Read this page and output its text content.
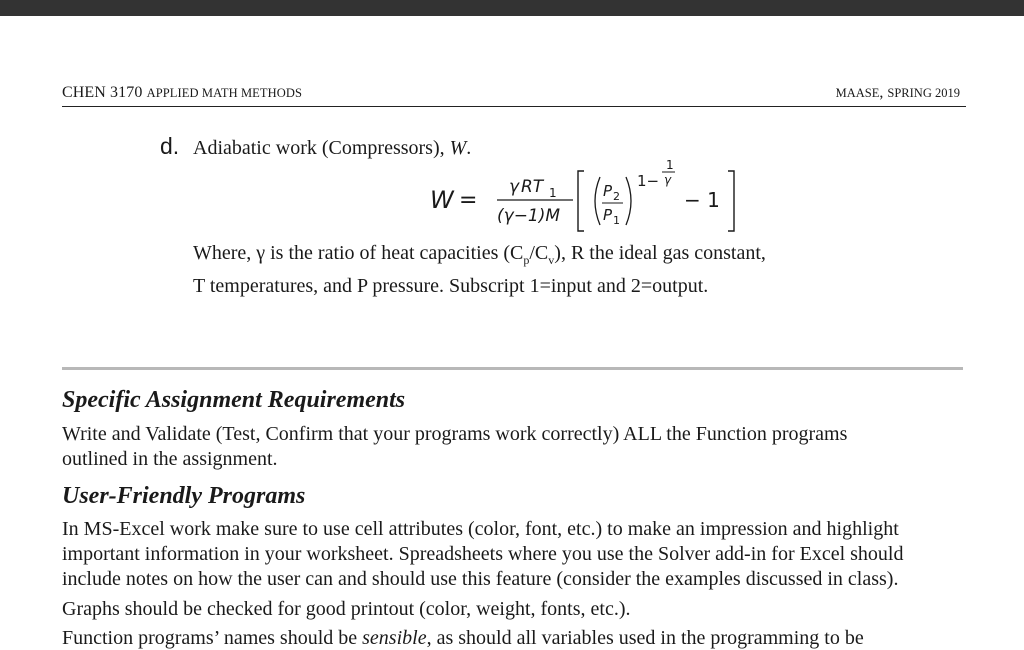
CHEN 3170 APPLIED MATH METHODS	MAASE, SPRING 2019
d. Adiabatic work (Compressors), W.
W =
γ RT 1
(γ−1)M
P 2
P 1
1−
1
γ
− 1
Where, γ is the ratio of heat capacities $(C_p/C_v)$, R the ideal gas constant,
T temperatures, and P pressure. Subscript 1=input and 2=output.
Specific Assignment Requirements
Write and Validate (Test, Confirm that your programs work correctly) ALL the Function programs
outlined in the assignment.
User-Friendly Programs
In MS-Excel work make sure to use cell attributes (color, font, etc.) to make an impression and highlight
important information in your worksheet. Spreadsheets where you use the Solver add-in for Excel should
include notes on how the user can and should use this feature (consider the examples discussed in class).
Graphs should be checked for good printout (color, weight, fonts, etc.).
Function programs’ names should be sensible, as should all variables used in the programming to be
